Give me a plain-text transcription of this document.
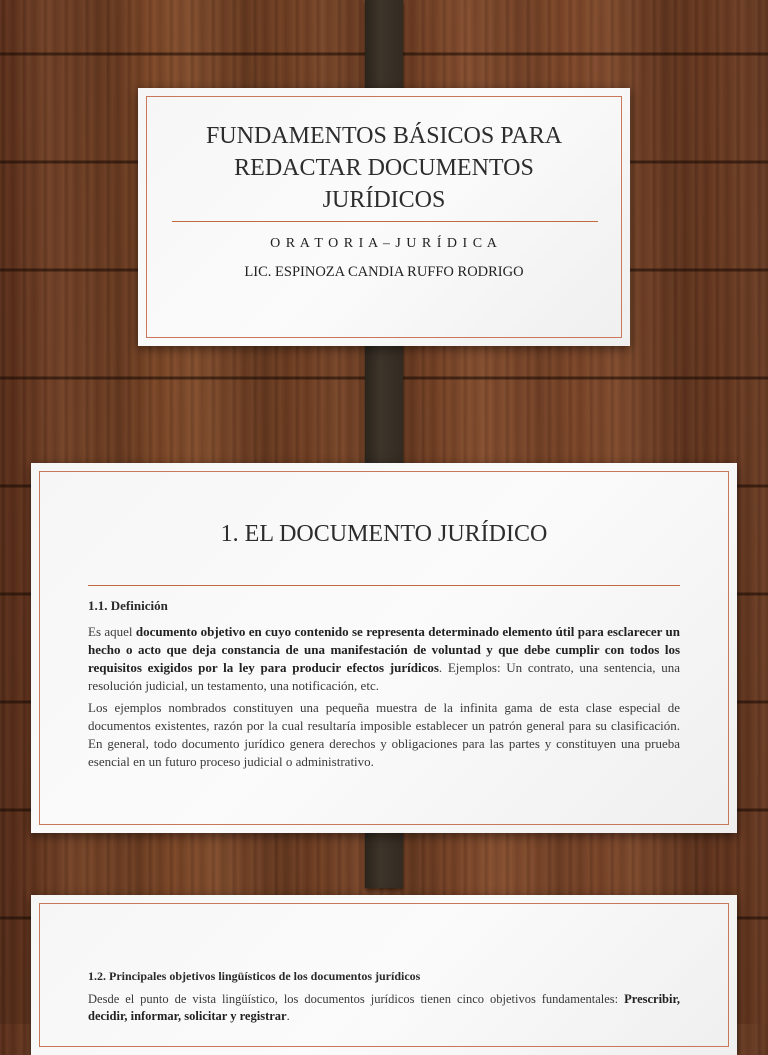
FUNDAMENTOS BÁSICOS PARA
REDACTAR DOCUMENTOS
JURÍDICOS
O R A T O R I A – J U R Í D I C A
LIC. ESPINOZA CANDIA RUFFO RODRIGO
1. EL DOCUMENTO JURÍDICO
1.1. Definición
Es aquel documento objetivo en cuyo contenido se representa determinado elemento útil para esclarecer un hecho o acto que deja constancia de una manifestación de voluntad y que debe cumplir con todos los requisitos exigidos por la ley para producir efectos jurídicos. Ejemplos: Un contrato, una sentencia, una resolución judicial, un testamento, una notificación, etc.
Los ejemplos nombrados constituyen una pequeña muestra de la infinita gama de esta clase especial de documentos existentes, razón por la cual resultaría imposible establecer un patrón general para su clasificación. En general, todo documento jurídico genera derechos y obligaciones para las partes y constituyen una prueba esencial en un futuro proceso judicial o administrativo.
1.2. Principales objetivos lingüísticos de los documentos jurídicos
Desde el punto de vista lingüístico, los documentos jurídicos tienen cinco objetivos fundamentales: Prescribir, decidir, informar, solicitar y registrar.
